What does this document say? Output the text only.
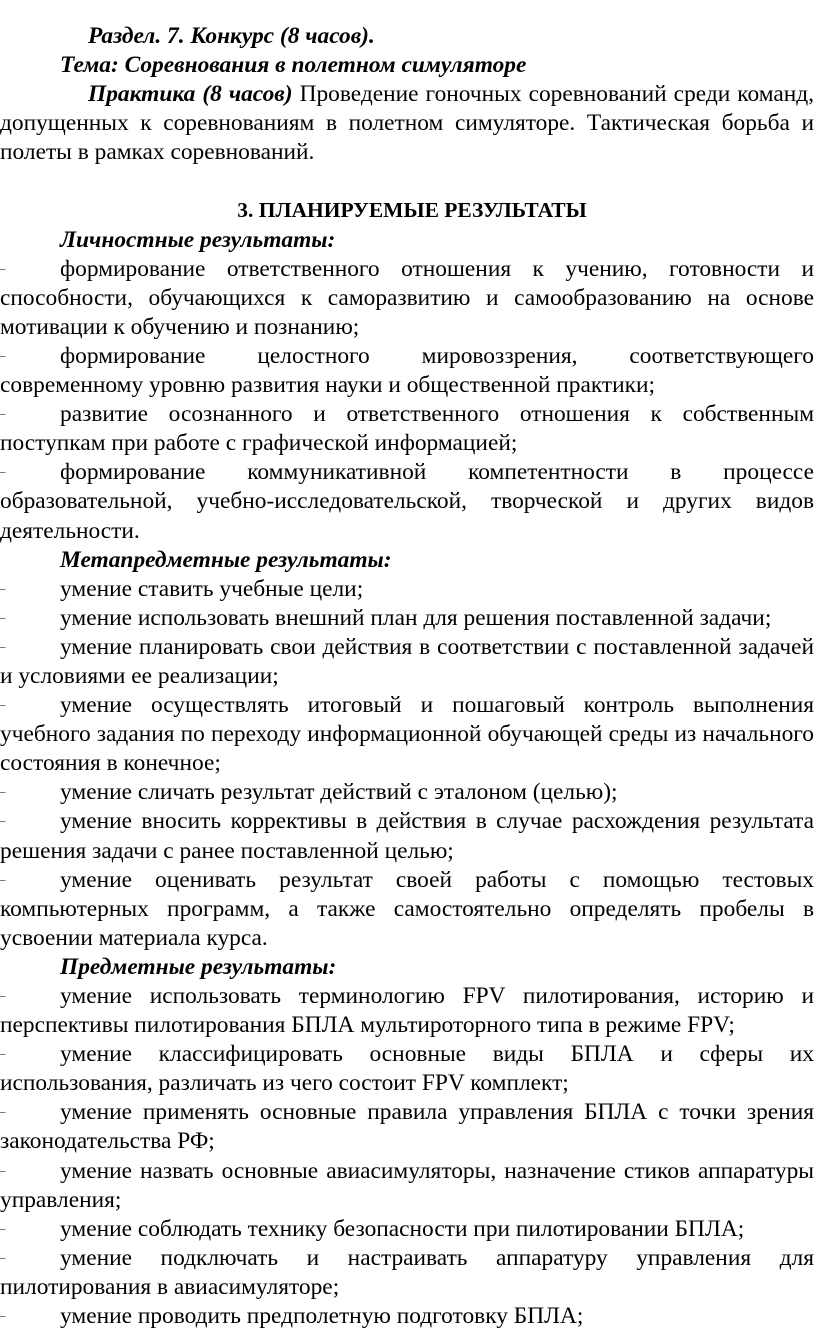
Раздел. 7. Конкурс (8 часов).

Тема: Соревнования в полетном симуляторе

Практика (8 часов) Проведение гоночных соревнований среди команд, допущенных к соревнованиям в полетном симуляторе. Тактическая борьба и полеты в рамках соревнований.

3. ПЛАНИРУЕМЫЕ РЕЗУЛЬТАТЫ

Личностные результаты:

– формирование ответственного отношения к учению, готовности и способности, обучающихся к саморазвитию и самообразованию на основе мотивации к обучению и познанию;

– формирование целостного мировоззрения, соответствующего современному уровню развития науки и общественной практики;

– развитие осознанного и ответственного отношения к собственным поступкам при работе с графической информацией;

– формирование коммуникативной компетентности в процессе образовательной, учебно-исследовательской, творческой и других видов деятельности.

Метапредметные результаты:

– умение ставить учебные цели;

– умение использовать внешний план для решения поставленной задачи;

– умение планировать свои действия в соответствии с поставленной задачей и условиями ее реализации;

– умение осуществлять итоговый и пошаговый контроль выполнения учебного задания по переходу информационной обучающей среды из начального состояния в конечное;

– умение сличать результат действий с эталоном (целью);

– умение вносить коррективы в действия в случае расхождения результата решения задачи с ранее поставленной целью;

– умение оценивать результат своей работы с помощью тестовых компьютерных программ, а также самостоятельно определять пробелы в усвоении материала курса.

Предметные результаты:

– умение использовать терминологию FPV пилотирования, историю и перспективы пилотирования БПЛА мультироторного типа в режиме FPV;

– умение классифицировать основные виды БПЛА и сферы их использования, различать из чего состоит FPV комплект;

– умение применять основные правила управления БПЛА с точки зрения законодательства РФ;

– умение назвать основные авиасимуляторы, назначение стиков аппаратуры управления;

– умение соблюдать технику безопасности при пилотировании БПЛА;

– умение подключать и настраивать аппаратуру управления для пилотирования в авиасимуляторе;

– умение проводить предполетную подготовку БПЛА;
